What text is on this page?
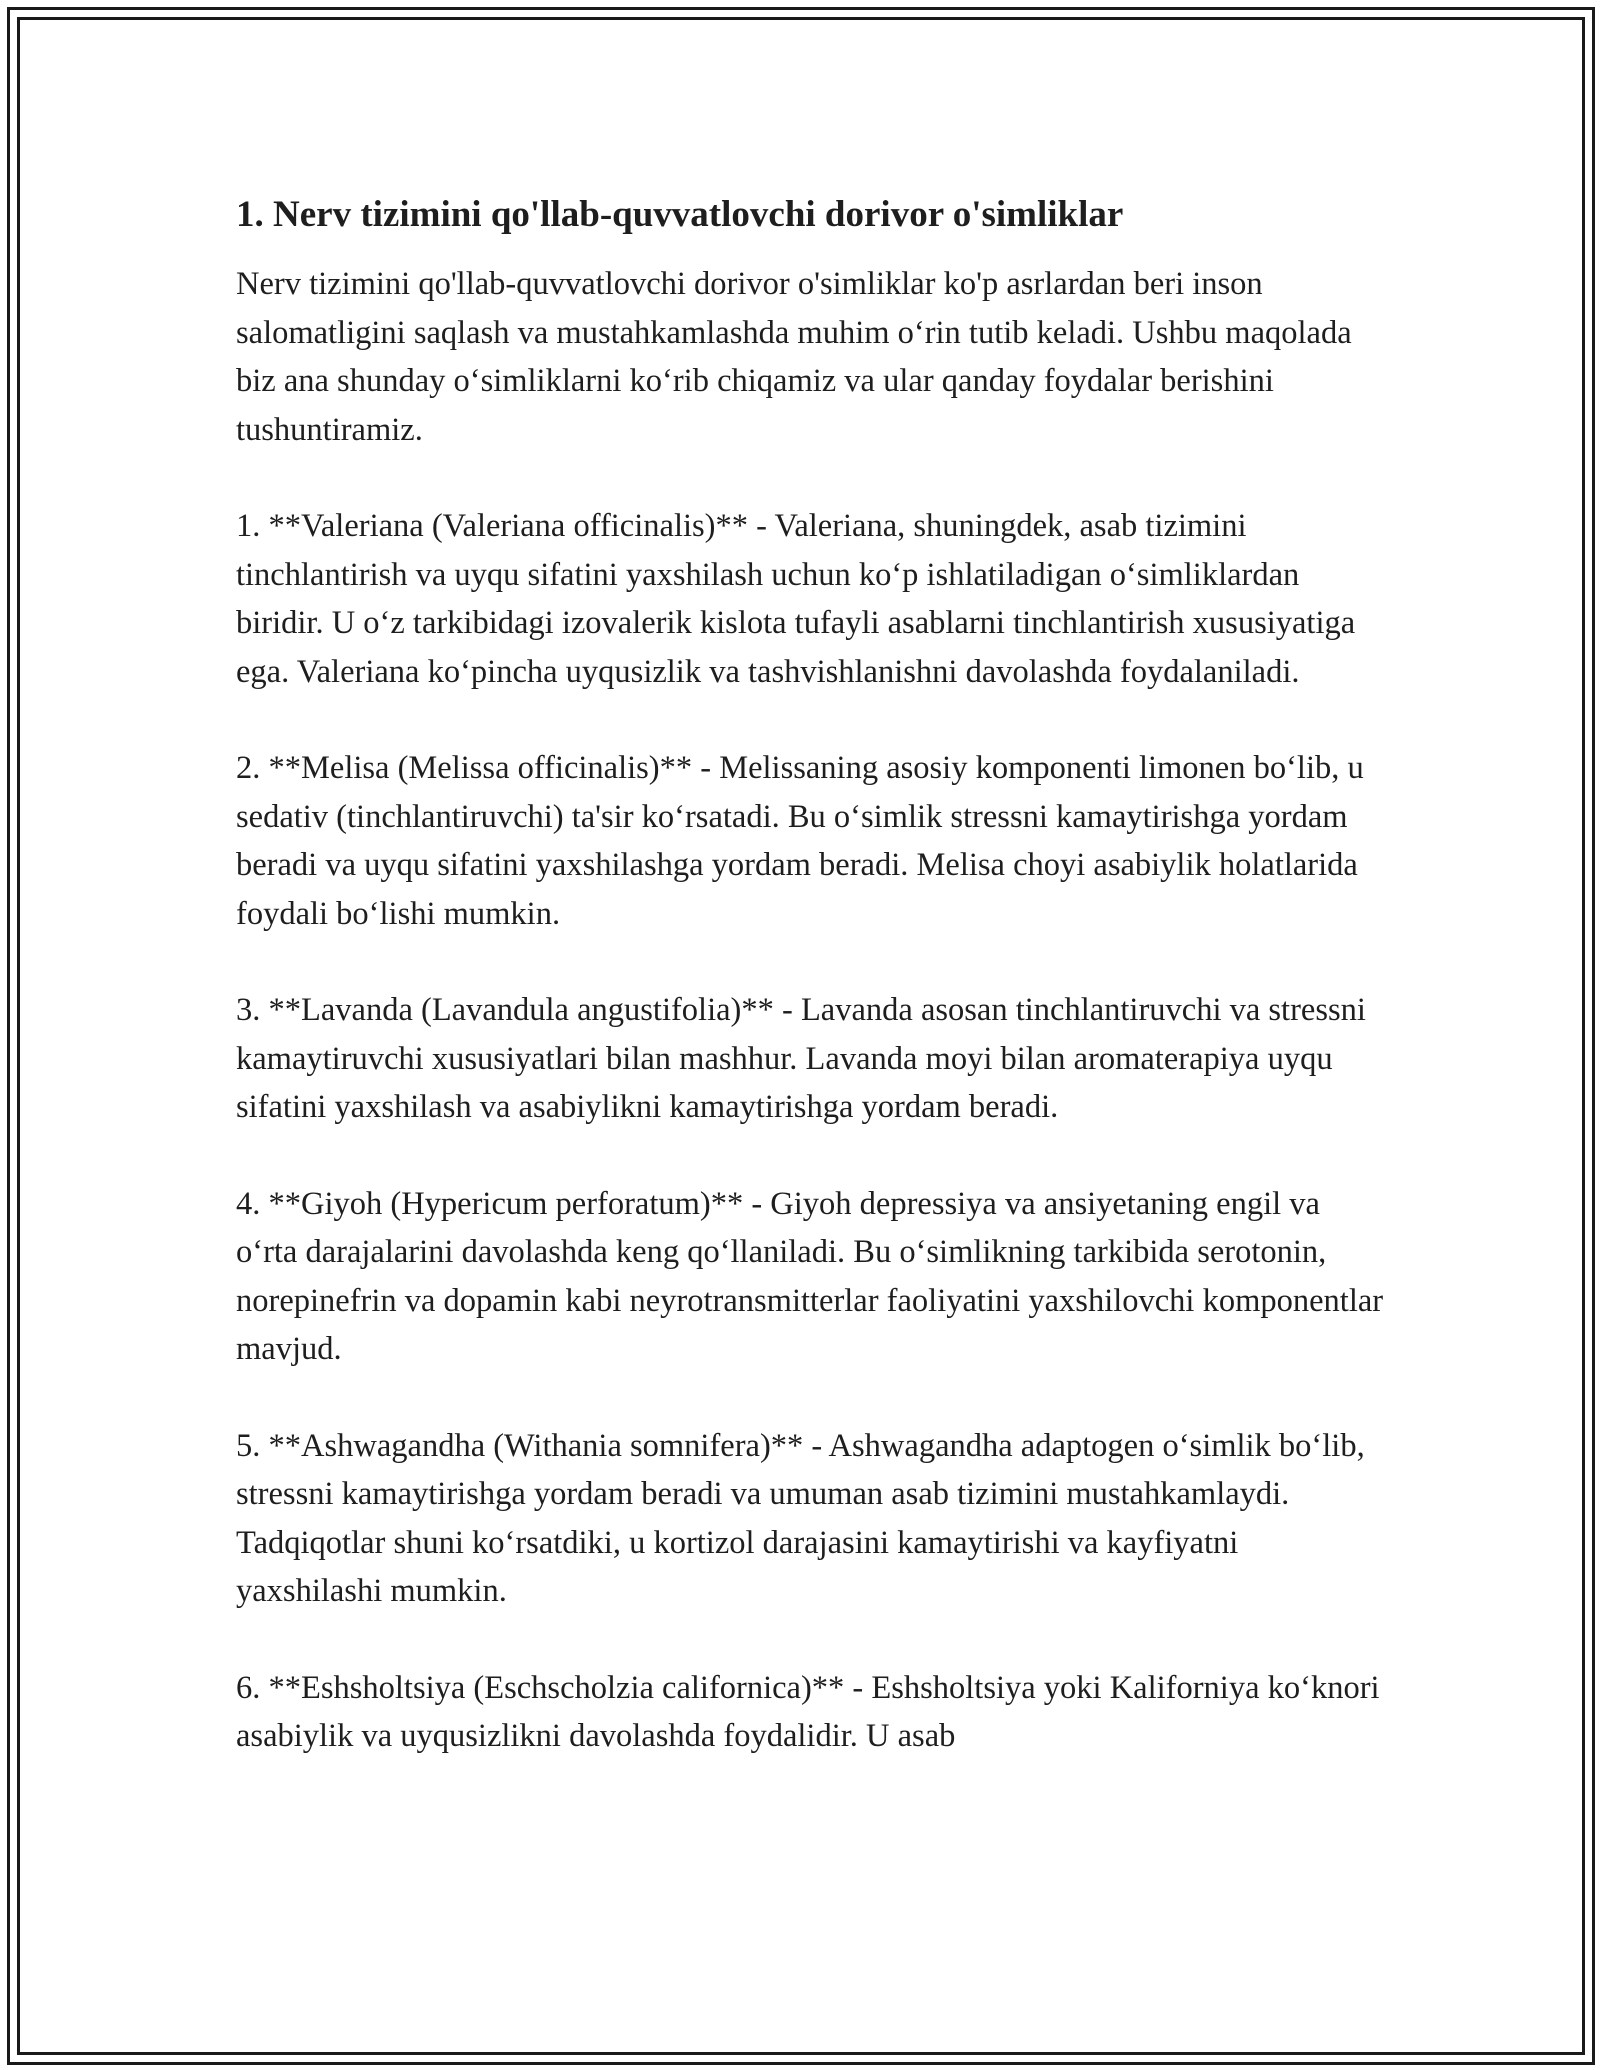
1. Nerv tizimini qo'llab-quvvatlovchi dorivor o'simliklar
Nerv tizimini qo'llab-quvvatlovchi dorivor o'simliklar ko'p asrlardan beri inson salomatligini saqlash va mustahkamlashda muhim o‘rin tutib keladi. Ushbu maqolada biz ana shunday o‘simliklarni ko‘rib chiqamiz va ular qanday foydalar berishini tushuntiramiz.
1. **Valeriana (Valeriana officinalis)** - Valeriana, shuningdek, asab tizimini tinchlantirish va uyqu sifatini yaxshilash uchun ko‘p ishlatiladigan o‘simliklardan biridir. U o‘z tarkibidagi izovalerik kislota tufayli asablarni tinchlantirish xususiyatiga ega. Valeriana ko‘pincha uyqusizlik va tashvishlanishni davolashda foydalaniladi.
2. **Melisa (Melissa officinalis)** - Melissaning asosiy komponenti limonen bo‘lib, u sedativ (tinchlantiruvchi) ta'sir ko‘rsatadi. Bu o‘simlik stressni kamaytirishga yordam beradi va uyqu sifatini yaxshilashga yordam beradi. Melisa choyi asabiylik holatlarida foydali bo‘lishi mumkin.
3. **Lavanda (Lavandula angustifolia)** - Lavanda asosan tinchlantiruvchi va stressni kamaytiruvchi xususiyatlari bilan mashhur. Lavanda moyi bilan aromaterapiya uyqu sifatini yaxshilash va asabiylikni kamaytirishga yordam beradi.
4. **Giyoh (Hypericum perforatum)** - Giyoh depressiya va ansiyetaning engil va o‘rta darajalarini davolashda keng qo‘llaniladi. Bu o‘simlikning tarkibida serotonin, norepinefrin va dopamin kabi neyrotransmitterlar faoliyatini yaxshilovchi komponentlar mavjud.
5. **Ashwagandha (Withania somnifera)** - Ashwagandha adaptogen o‘simlik bo‘lib, stressni kamaytirishga yordam beradi va umuman asab tizimini mustahkamlaydi. Tadqiqotlar shuni ko‘rsatdiki, u kortizol darajasini kamaytirishi va kayfiyatni yaxshilashi mumkin.
6. **Eshsholtsiya (Eschscholzia californica)** - Eshsholtsiya yoki Kaliforniya ko‘knori asabiylik va uyqusizlikni davolashda foydalidir. U asab
